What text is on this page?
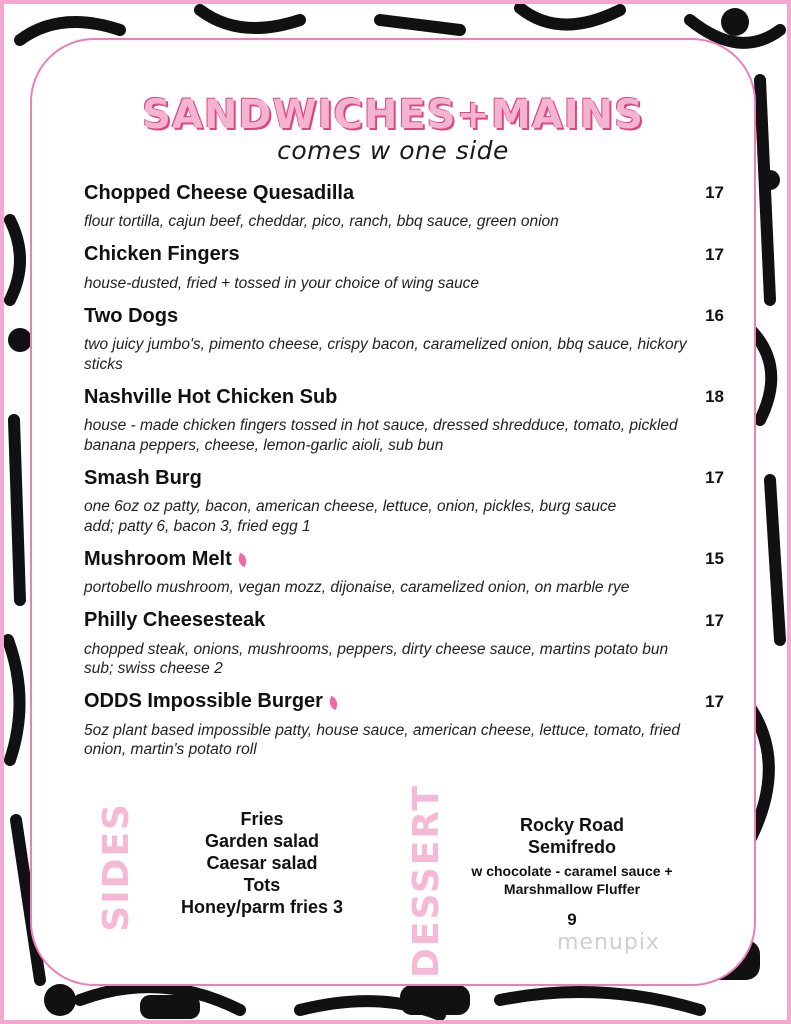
SANDWICHES+MAINS
comes w one side
Chopped Cheese Quesadilla	17
flour tortilla, cajun beef, cheddar, pico, ranch, bbq sauce, green onion
Chicken Fingers	17
house-dusted, fried + tossed in your choice of wing sauce
Two Dogs	16
two juicy jumbo's, pimento cheese, crispy bacon, caramelized onion, bbq sauce, hickory sticks
Nashville Hot Chicken Sub	18
house - made chicken fingers tossed in hot sauce, dressed shredduce, tomato, pickled banana peppers, cheese, lemon-garlic aioli, sub bun
Smash Burg	17
one 6oz oz patty, bacon, american cheese, lettuce, onion, pickles, burg sauce
add; patty 6, bacon 3, fried egg 1
Mushroom Melt	15
portobello mushroom, vegan mozz, dijonaise, caramelized onion, on marble rye
Philly Cheesesteak	17
chopped steak, onions, mushrooms, peppers, dirty cheese sauce, martins potato bun
sub; swiss cheese 2
ODDS Impossible Burger	17
5oz plant based impossible patty, house sauce, american cheese, lettuce, tomato, fried onion, martin's potato roll
SIDES	Fries
Garden salad
Caesar salad
Tots
Honey/parm fries 3	DESSERT	Rocky Road
Semifredo
w chocolate - caramel sauce + Marshmallow Fluffer
9
menupix
